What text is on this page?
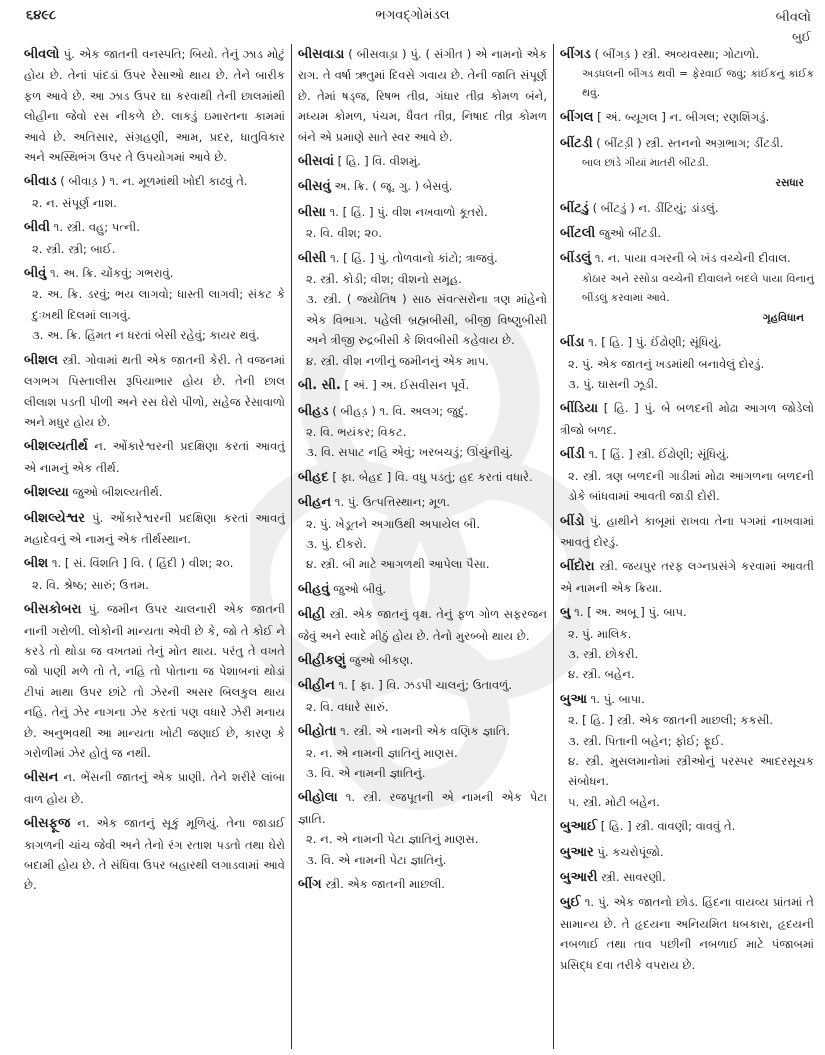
૬૪૯૮	ભગવદ્ગોમંડલ	બીવલો
બુઈ
બીવલો પું. એક જાતની વનસ્પતિ; બિયો. તેનું ઝાડ મોટું હોય છે. તેનાં પાંદડાં ઉપર રેસાઓ થાય છે. તેને બારીક ફળ આવે છે. આ ઝાડ ઉપર ઘા કરવાથી તેની છાલમાંથી લોહીના જેવો રસ નીકળે છે. લાકડું ઇમારતના કામમાં આવે છે. અતિસાર, સંગ્રહણી, આમ, પ્રદર, ધાતુવિકાર અને અસ્થિભંગ ઉપર તે ઉપયોગમાં આવે છે.
બીવાડ ( બીવાડ઼ ) ૧. ન. મૂળમાંથી ખોદી કાઢવું તે.
૨. ન. સંપૂર્ણ નાશ.
બીવી ૧. સ્ત્રી. વહુ; પત્ની.
૨. સ્ત્રી. સ્ત્રી; બાઈ.
બીવું ૧. અ. ક્રિ. ચોંકવું; ગભરાવું.
૨. અ. ક્રિ. ડરવું; ભય લાગવો; ધાસ્તી લાગવી; સંકટ કે દુઃખથી દિલમાં લાગવું.
૩. અ. ક્રિ. હિંમત ન ધરતાં બેસી રહેવું; કાયર થવું.
બીશલ સ્ત્રી. ગોવામાં થતી એક જાતની કેરી. તે વજનમાં લગભગ પિસ્તાલીસ રૂપિયાભાર હોય છે. તેની છાલ લીલાશ પડતી પીળી અને રસ ઘેરો પીળો, સહેજ રેસાવાળો અને મધુર હોય છે.
બીશલ્યતીર્થ ન. ઓંકારેશ્વરની પ્રદક્ષિણા કરતાં આવતું એ નામનું એક તીર્થ.
બીશલ્યા જુઓ બીશલ્યતીર્થ.
બીશલ્યેશ્વર પું. ઓંકારેશ્વરની પ્રદક્ષિણા કરતાં આવતું મહાદેવનું એ નામનું એક તીર્થસ્થાન.
બીશ ૧. [ સં. વિંશતિ ] વિ. ( હિંદી ) વીશ; ૨૦.
૨. વિ. શ્રેષ્ઠ; સારું; ઉત્તમ.
બીસકોબરા પું. જમીન ઉપર ચાલનારી એક જાતની નાની ગરોળી. લોકોની માન્યતા એવી છે કે, જો તે કોઈ ને કરડે તો થોડા જ વખતમાં તેનું મોત થાય. પરંતુ તે વખતે જો પાણી મળે તો તે, નહિ તો પોતાના જ પેશાબનાં થોડાં ટીપાં માથા ઉપર છાંટે તો ઝેરની અસર બિલકુલ થાય નહિ. તેનું ઝેર નાગના ઝેર કરતાં પણ વધારે ઝેરી મનાય છે. અનુભવથી આ માન્યતા ખોટી જણાઈ છે, કારણ કે ગરોળીમાં ઝેર હોતું જ નથી.
બીસન ન. ભેંસની જાતનું એક પ્રાણી. તેને શરીરે લાંબા વાળ હોય છે.
બીસફૂજ ન. એક જાતનું સૂકું મૂળિયું. તેના જાડાઈ કાગળની ચાંચ જેવી અને તેનો રંગ રતાશ પડતો તથા ઘેરો બદામી હોય છે. તે સંધિવા ઉપર બહારથી લગાડવામાં આવે છે.
બીસવાડા ( બીસવાડ઼ા ) પું. ( સંગીત ) એ નામનો એક રાગ. તે વર્ષા ઋતુમાં દિવસે ગવાય છે. તેની જાતિ સંપૂર્ણ છે. તેમાં ષડ્જ, રિષભ તીવ્ર, ગંધાર તીવ્ર કોમળ બંને, મધ્યમ કોમળ, પંચમ, ધૈવત તીવ્ર, નિષાદ તીવ્ર કોમળ બંને એ પ્રમાણે સાતે સ્વર આવે છે.
બીસવાં [ હિ. ] વિ. વીશમું.
બીસવું અ. ક્રિ. ( જૂ. ગુ. ) બેસવું.
બીસા ૧. [ હિં. ] પું. વીશ નખવાળો કૂતરો.
૨. વિ. વીશ; ૨૦.
બીસી ૧. [ હિં. ] પું. તોળવાનો કાંટો; ત્રાજવું.
૨. સ્ત્રી. કોડી; વીશ; વીશનો સમૂહ.
૩. સ્ત્રી. ( જ્યોતિષ ) સાઠ સંવત્સરોના ત્રણ માંહેનો એક વિભાગ. પહેલી બ્રહ્મબીસી, બીજી વિષ્ણુબીસી અને ત્રીજી રુદ્રબીસી કે શિવબીસી કહેવાય છે.
૪. સ્ત્રી. વીશ નળીનું જમીનનું એક માપ.
બી. સી. [ અં. ] અ. ઈસવીસન પૂર્વે.
બીહડ ( બીહડ઼ ) ૧. વિ. અલગ; જુદું.
૨. વિ. ભયંકર; વિકટ.
૩. વિ. સપાટ નહિ એવું; ખરબચડું; ઊંચુંનીચું.
બીહદ [ ફા. બેહદ ] વિ. વધુ પડતું; હદ કરતાં વધારે.
બીહન ૧. પું. ઉત્પત્તિસ્થાન; મૂળ.
૨. પું. ખેડૂતને અગાઉથી અપાયેલ બી.
૩. પું. દીકરો.
૪. સ્ત્રી. બી માટે આગળથી આપેલા પૈસા.
બીહવું જુઓ બીવું.
બીહી સ્ત્રી. એક જાતનું વૃક્ષ. તેનું ફળ ગોળ સફરજન જેવું અને સ્વાદે મીઠું હોય છે. તેનો મુરબ્બો થાય છે.
બીહીકણું જુઓ બીકણ.
બીહીન ૧. [ ફા. ] વિ. ઝડપી ચાલનું; ઉતાવળું.
૨. વિ. વધારે સારું.
બીહોતા ૧. સ્ત્રી. એ નામની એક વણિક જ્ઞાતિ.
૨. ન. એ નામની જ્ઞાતિનું માણસ.
૩. વિ. એ નામની જ્ઞાતિનું.
બીહોલા ૧. સ્ત્રી. રજપૂતની એ નામની એક પેટા જ્ઞાતિ.
૨. ન. એ નામની પેટા જ્ઞાતિનું માણસ.
૩. વિ. એ નામની પેટા જ્ઞાતિનું.
બીંગ સ્ત્રી. એક જાતની માછલી.
બીંગડ ( બીંગડ઼ ) સ્ત્રી. અવ્યવસ્થા; ગોટાળો.
અડધલની બીંગડ થવી = ફેરવાઈ જવું; કાંઈકનું કાંઈક થવું.
બીંગલ [ અં. બ્યૂગલ ] ન. બીગલ; રણશિંગડું.
બીંટડી ( બીંટડ઼ી ) સ્ત્રી. સ્તનનો અગ્રભાગ; ડીંટડી.
બાલ છાંડે ગીયાં માતરી બીંટડી.
રસધાર
બીંટડું ( બીંટડું ) ન. ડીંટિયું; ડાંડલું.
બીંટલી જુઓ બીંટડી.
બીંડલું ૧. ન. પાયા વગરની બે ખંડ વચ્ચેની દીવાલ.
કોઠાર અને રસોડા વચ્ચેની દીવાલને બદલે પાયા વિનાનું બીંડલું કરવામાં આવે.
ગૃહવિધાન
બીંડા ૧. [ હિ. ] પું. ઈંઢોણી; સૂંધિયું.
૨. પું. એક જાતનું ખડમાંથી બનાવેલું દોરડું.
૩. પું. ઘાસની ઝૂડી.
બીંડિયા [ હિ. ] પું. બે બળદની મોઢા આગળ જોડેલો ત્રીજો બળદ.
બીંડી ૧. [ હિં. ] સ્ત્રી. ઈંઢોણી; સૂંધિયું.
૨. સ્ત્રી. ત્રણ બળદની ગાડીમાં મોઢા આગળના બળદની ડોકે બાંધવામાં આવતી જાડી દોરી.
બીંડો પું. હાથીને કાબૂમાં રાખવા તેના પગમાં નાખવામાં આવતું દોરડું.
બીંદોરા સ્ત્રી. જયપુર તરફ લગ્નપ્રસંગે કરવામાં આવતી એ નામની એક ક્રિયા.
બુ ૧. [ અ. અબૂ ] પું. બાપ.
૨. પું. માલિક.
૩. સ્ત્રી. છોકરી.
૪. સ્ત્રી. બહેન.
બુઆ ૧. પું. બાપા.
૨. [ હિ. ] સ્ત્રી. એક જાતની માછલી; કકસી.
૩. સ્ત્રી. પિતાની બહેન; ફોઈ; ફૂઈ.
૪. સ્ત્રી. મુસલમાનોમાં સ્ત્રીઓનું પરસ્પર આદરસૂચક સંબોધન.
૫. સ્ત્રી. મોટી બહેન.
બુઆઈ [ હિ. ] સ્ત્રી. વાવણી; વાવવું તે.
બુઆર પું. કચરોપૂંજો.
બુઆરી સ્ત્રી. સાવરણી.
બુઈ ૧. પું. એક જાતનો છોડ. હિંદના વાયવ્ય પ્રાંતમાં તે સામાન્ય છે. તે હૃદયના અનિયમિત ધબકારા, હૃદયની નબળાઈ તથા તાવ પછીની નબળાઈ માટે પંજાબમાં પ્રસિદ્ધ દવા તરીકે વપરાય છે.
